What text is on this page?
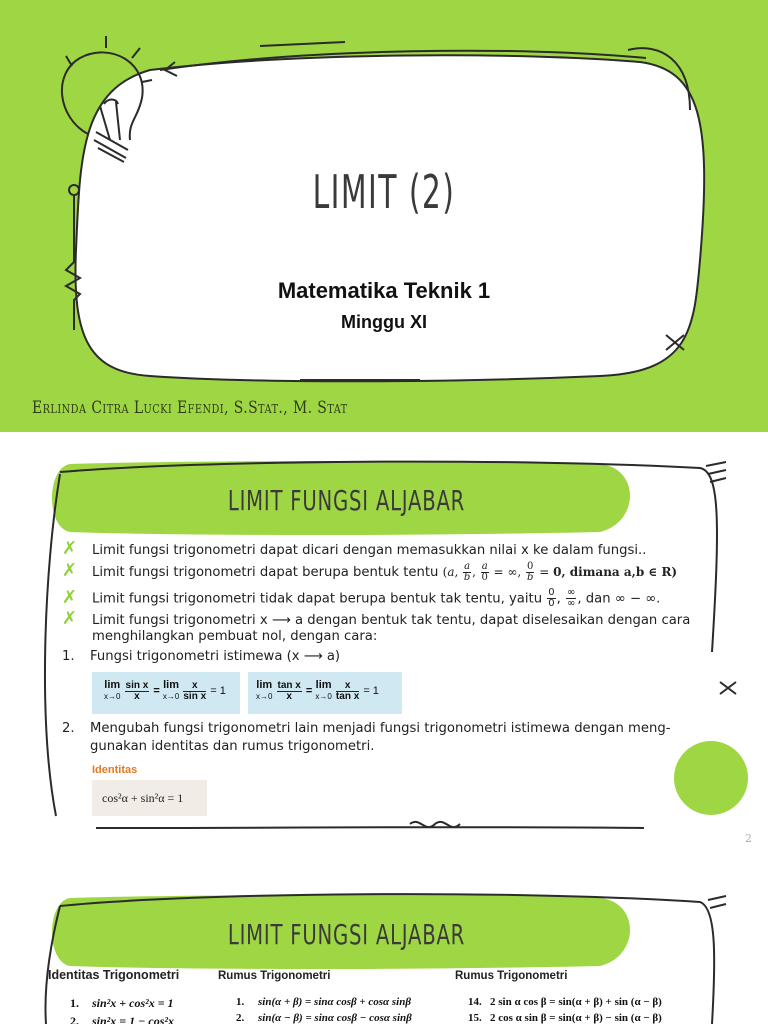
LIMIT (2)
Matematika Teknik 1
Minggu XI
Erlinda Citra Lucki Efendi, S.Stat., M. Stat
LIMIT FUNGSI ALJABAR
✗ Limit fungsi trigonometri dapat dicari dengan memasukkan nilai x ke dalam fungsi..
✗ Limit fungsi trigonometri dapat berupa bentuk tentu (a, $\frac{a}{b}$ , $\frac{a}{0}$ = ∞, $\frac{0}{b} = 0$, dimana a,b ∈ R)
✗ Limit fungsi trigonometri tidak dapat berupa bentuk tak tentu, yaitu $\frac{0}{0}$ , $\frac{\infty}{\infty}$ , dan ∞ − ∞.
✗ Limit fungsi trigonometri x ⟶ a dengan bentuk tak tentu, dapat diselesaikan dengan cara
menghilangkan pembuat nol, dengan cara:
1. Fungsi trigonometri istimewa (x ⟶ a)
lim
x→0
$\frac{\text{sin x}}{x} = \lim$
x→0
$\frac{x}{\text{sin x}} = 1$	lim
x→0
$\frac{\text{tan x}}{x} = \lim$
x→0
$\frac{x}{\text{tan x}} = 1$
2. Mengubah fungsi trigonometri lain menjadi fungsi trigonometri istimewa dengan meng-
gunakan identitas dan rumus trigonometri.
Identitas
cos²α + sin²α = 1
2
LIMIT FUNGSI ALJABAR
Identitas Trigonometri	Rumus Trigonometri	Rumus Trigonometri
1. sin²x + cos²x = 1
2. sin²x = 1 − cos²x
1. sin(α + β) = sinα cosβ + cosα sinβ
2. sin(α − β) = sinα cosβ − cosα sinβ
14. 2 sin α cos β = sin(α + β) + sin (α − β)
15. 2 cos α sin β = sin(α + β) − sin (α − β)
